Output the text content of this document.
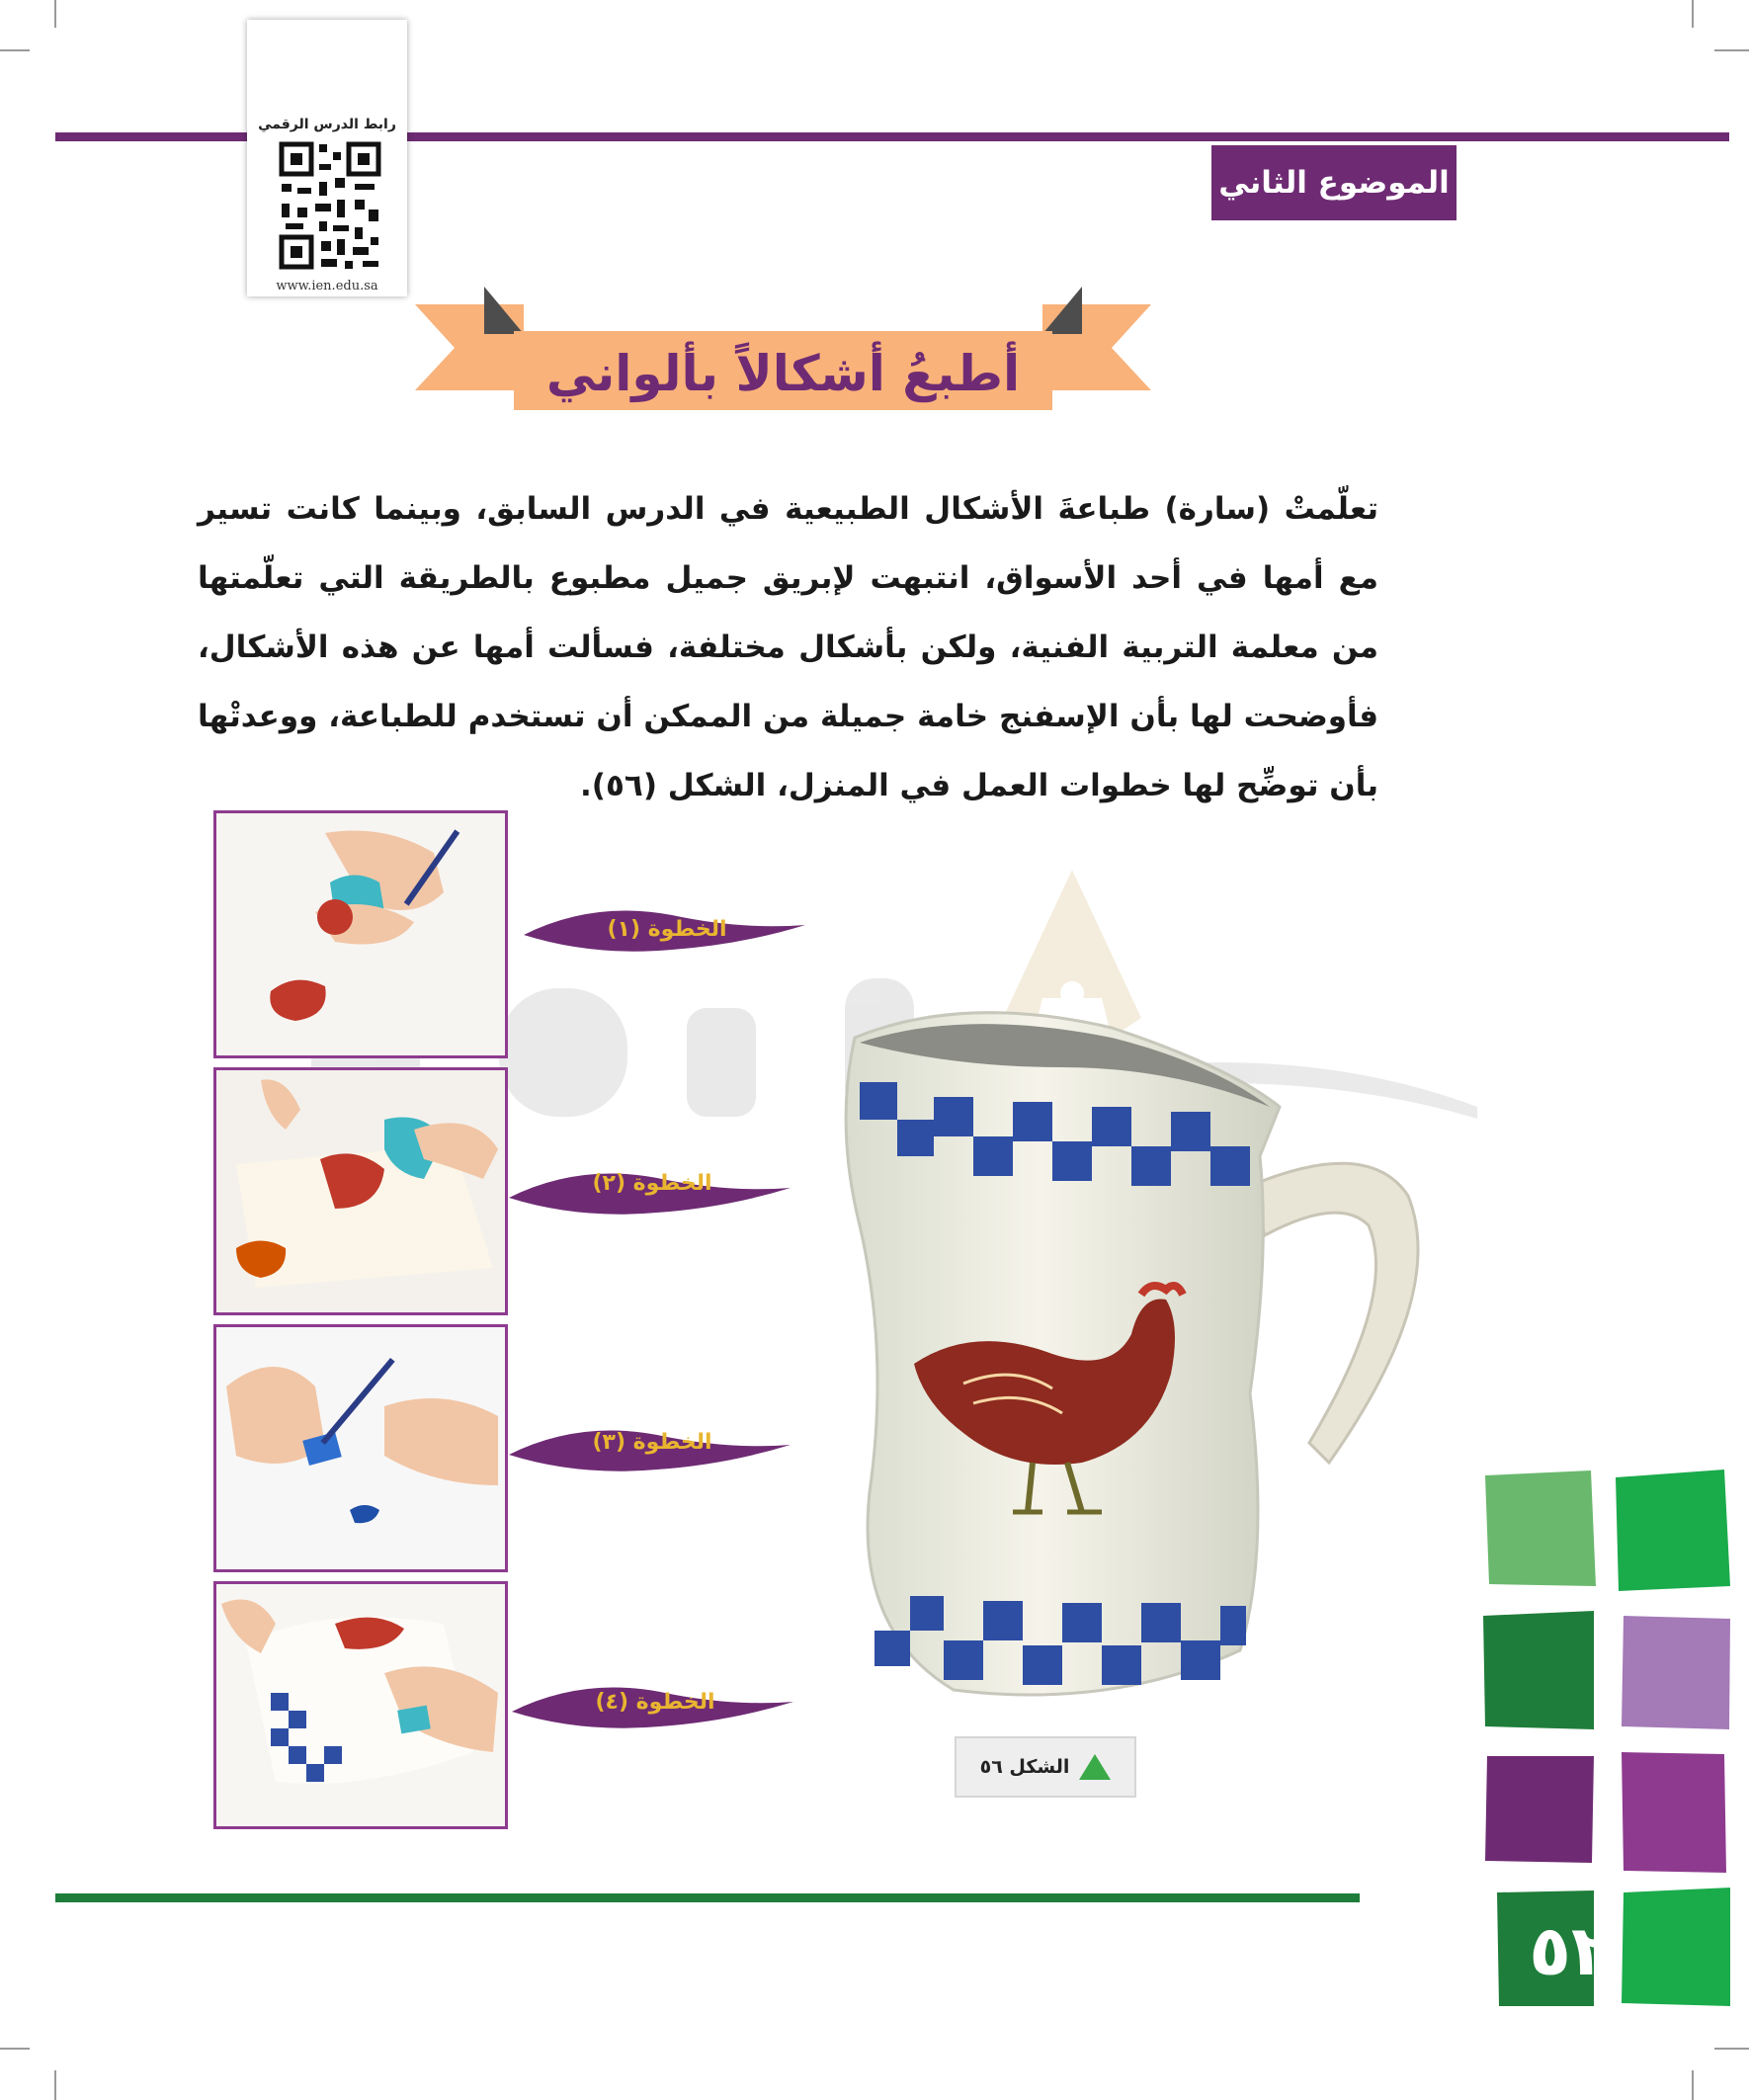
الموضوع الثاني
رابط الدرس الرقمي
www.ien.edu.sa
أطبعُ أشكالاً بألواني
تعلّمتْ (سارة) طباعةَ الأشكال الطبيعية في الدرس السابق، وبينما كانت تسير مع أمها في أحد الأسواق، انتبهت لإبريق جميل مطبوع بالطريقة التي تعلّمتها من معلمة التربية الفنية، ولكن بأشكال مختلفة، فسألت أمها عن هذه الأشكال، فأوضحت لها بأن الإسفنج خامة جميلة من الممكن أن تستخدم للطباعة، ووعدتْها بأن توضِّح لها خطوات العمل في المنزل، الشكل (٥٦).
الخطوة (١)
الخطوة (٢)
الخطوة (٣)
الخطوة (٤)
الشكل ٥٦
٥٢
